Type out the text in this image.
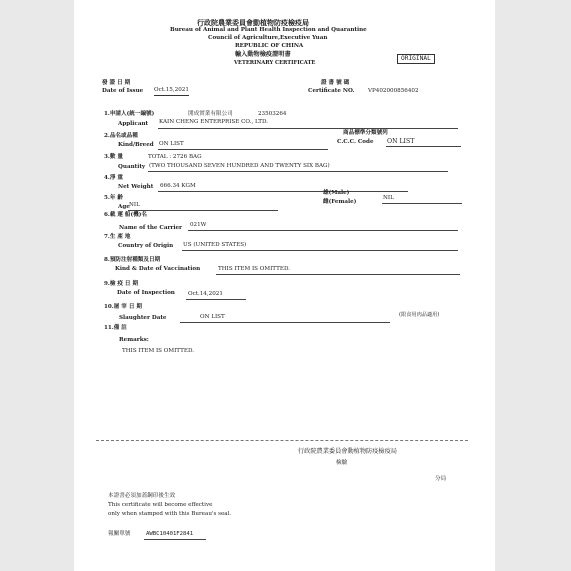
行政院農業委員會動植物防疫檢疫局
Bureau of Animal and Plant Health Inspection and Quarantine
Council of Agriculture,Executive Yuan
REPUBLIC OF CHINA
輸入動物檢疫證明書
VETERINARY CERTIFICATE
ORIGINAL
發 證 日 期
Date of Issue Oct.15,2021
證 書 號 碼
Certificate NO. VP402000856402
1.申請人(統一編號)	開成實業有限公司	23503264
Applicant KAIN CHENG ENTERPRISE CO., LTD.
2.品名或品種
Kind/Breed ON LIST
商品標準分類號列
C.C.C. Code ON LIST
3.數 量	TOTAL : 2726 BAG
Quantity (TWO THOUSAND SEVEN HUNDRED AND TWENTY SIX BAG)
4.淨 重
Net Weight 666.34 KGM
5.年 齡
Age NIL
雄(Male)
雌(Female)
NIL
6.載 運 船(機)名
Name of the Carrier 021W
7.生 產 地
Country of Origin US (UNITED STATES)
8.預防注射種類及日期
Kind & Date of Vaccination	THIS ITEM IS OMITTED.
9.檢 疫 日 期
Date of Inspection Oct.14,2021
10.屠 宰 日 期
Slaughter Date	ON LIST	(限食用肉品適用)
11.備 註
Remarks:
THIS ITEM IS OMITTED.
行政院農業委員會動植物防疫檢疫局
檢驗
分局
本證書必須加蓋鋼印後生效
This certificate will become effective
only when stamped with this Bureau's seal.
報關單號	AWBC10401F2841
